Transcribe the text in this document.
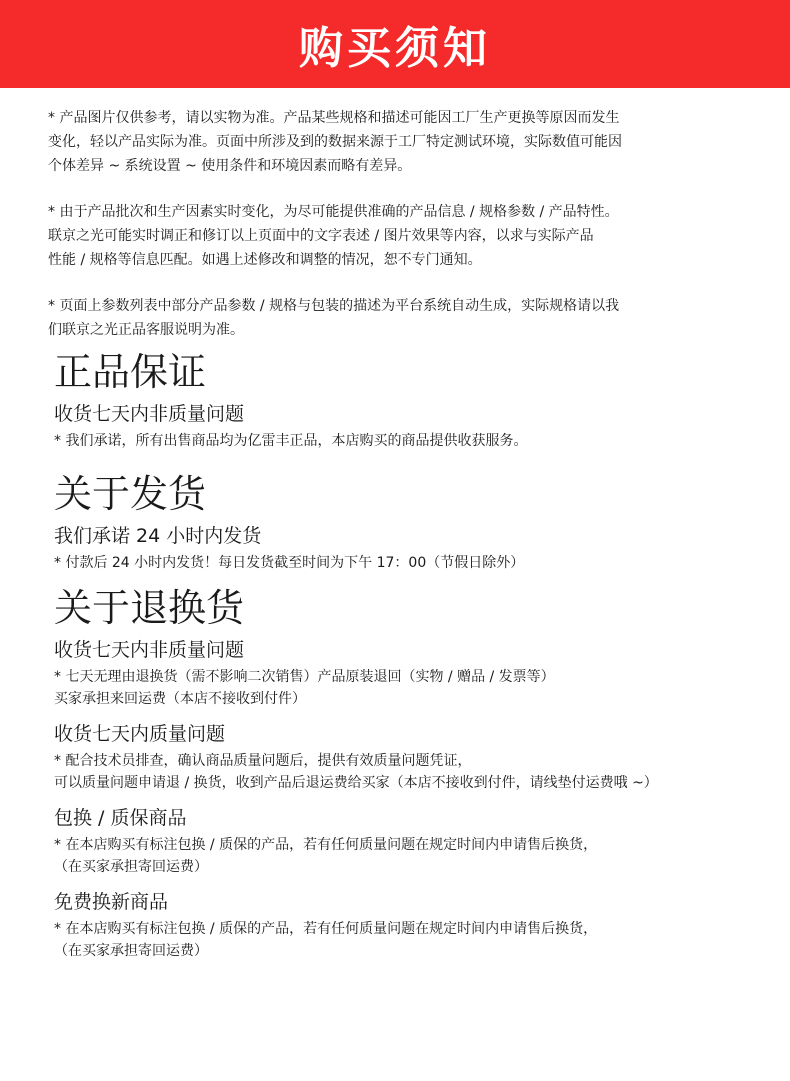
购买须知

* 产品图片仅供参考，请以实物为准。产品某些规格和描述可能因工厂生产更换等原因而发生
变化，轻以产品实际为准。页面中所涉及到的数据来源于工厂特定测试环境，实际数值可能因
个体差异 ~ 系统设置 ~ 使用条件和环境因素而略有差异。

* 由于产品批次和生产因素实时变化，为尽可能提供准确的产品信息 / 规格参数 / 产品特性。
联京之光可能实时调正和修订以上页面中的文字表述 / 图片效果等内容，以求与实际产品
性能 / 规格等信息匹配。如遇上述修改和调整的情况，恕不专门通知。

* 页面上参数列表中部分产品参数 / 规格与包装的描述为平台系统自动生成，实际规格请以我
们联京之光正品客服说明为准。

正品保证
收货七天内非质量问题
* 我们承诺，所有出售商品均为亿雷丰正品，本店购买的商品提供收获服务。
关于发货
我们承诺 24 小时内发货
* 付款后 24 小时内发货！每日发货截至时间为下午 17：00（节假日除外）
关于退换货
收货七天内非质量问题
* 七天无理由退换货（需不影响二次销售）产品原装退回（实物 / 赠品 / 发票等）
买家承担来回运费（本店不接收到付件）
收货七天内质量问题
* 配合技术员排查，确认商品质量问题后，提供有效质量问题凭证，
可以质量问题申请退 / 换货，收到产品后退运费给买家（本店不接收到付件，请线垫付运费哦 ~）
包换 / 质保商品
* 在本店购买有标注包换 / 质保的产品，若有任何质量问题在规定时间内申请售后换货，
（在买家承担寄回运费）
免费换新商品
* 在本店购买有标注包换 / 质保的产品，若有任何质量问题在规定时间内申请售后换货，
（在买家承担寄回运费）
